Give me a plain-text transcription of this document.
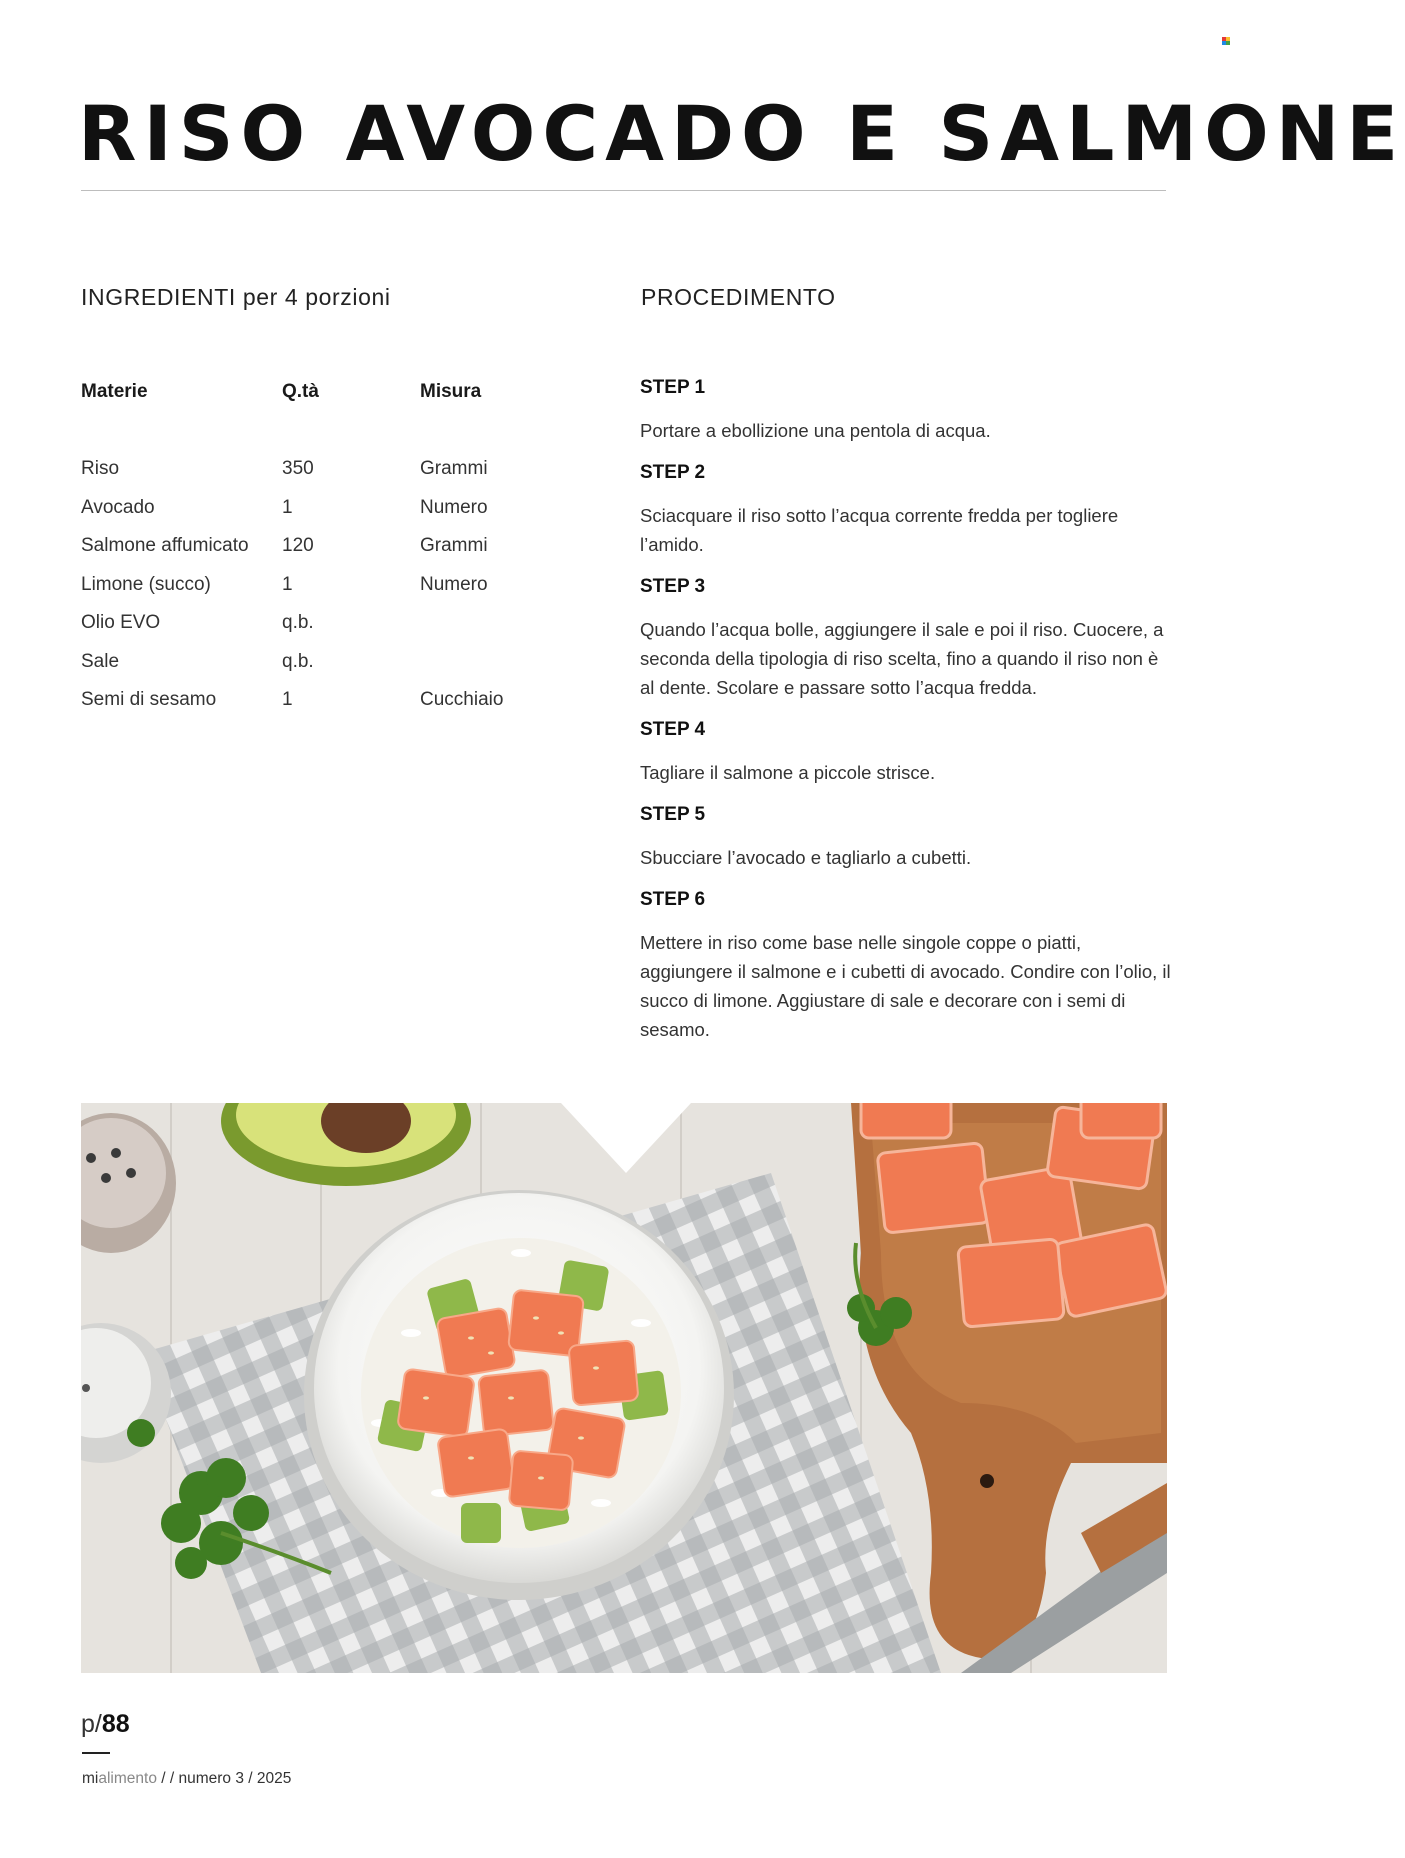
RISO AVOCADO E SALMONE
INGREDIENTI per 4 porzioni	PROCEDIMENTO
Materie	Q.tà	Misura

Riso	350	Grammi
Avocado	1	Numero
Salmone affumicato	120	Grammi
Limone (succo)	1	Numero
Olio EVO	q.b.	
Sale	q.b.	
Semi di sesamo	1	Cucchiaio

STEP 1

Portare a ebollizione una pentola di acqua.

STEP 2

Sciacquare il riso sotto l’acqua corrente fredda per togliere l’amido.

STEP 3

Quando l’acqua bolle, aggiungere il sale e poi il riso. Cuocere, a seconda della tipologia di riso scelta, fino a quando il riso non è al dente. Scolare e passare sotto l’acqua fredda.

STEP 4

Tagliare il salmone a piccole strisce.

STEP 5

Sbucciare l’avocado e tagliarlo a cubetti.

STEP 6

Mettere in riso come base nelle singole coppe o piatti, aggiungere il salmone e i cubetti di avocado. Condire con l’olio, il succo di limone. Aggiustare di sale e decorare con i semi di sesamo.

p/88

mialimento / / numero 3 / 2025
